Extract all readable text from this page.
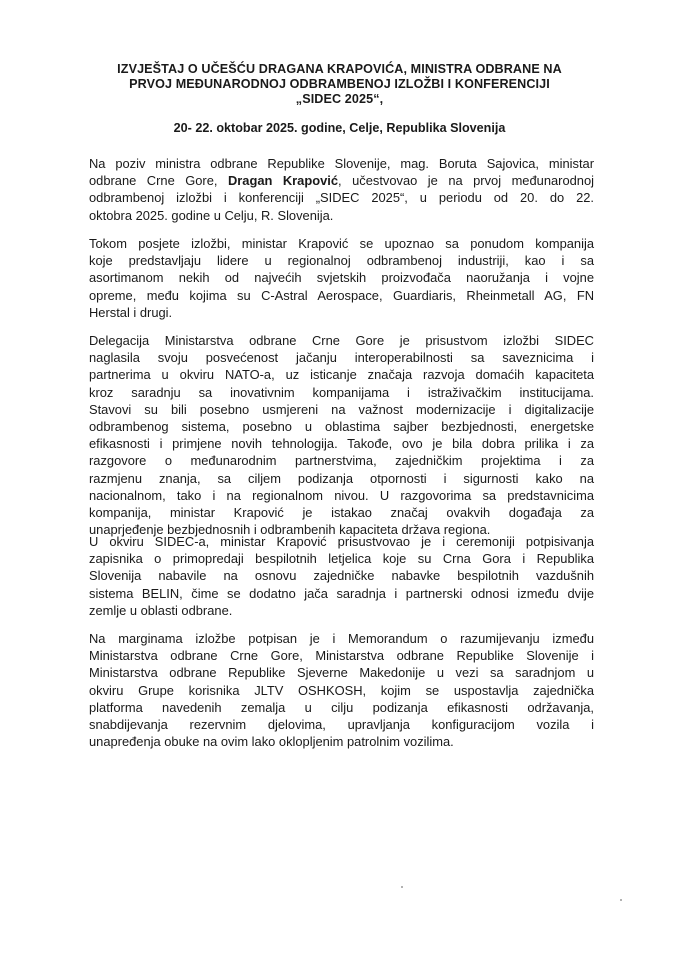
IZVJEŠTAJ O UČEŠĆU DRAGANA KRAPOVIĆA, MINISTRA ODBRANE NA
PRVOJ MEĐUNARODNOJ ODBRAMBENOJ IZLOŽBI I KONFERENCIJI
„SIDEC 2025“,
20- 22. oktobar 2025. godine, Celje, Republika Slovenija

Na poziv ministra odbrane Republike Slovenije, mag. Boruta Sajovica, ministar
odbrane Crne Gore, Dragan Krapović, učestvovao je na prvoj međunarodnoj
odbrambenoj izložbi i konferenciji „SIDEC 2025“, u periodu od 20. do 22.
oktobra 2025. godine u Celju, R. Slovenija.

Tokom posjete izložbi, ministar Krapović se upoznao sa ponudom kompanija
koje predstavljaju lidere u regionalnoj odbrambenoj industriji, kao i sa
asortimanom nekih od najvećih svjetskih proizvođača naoružanja i vojne
opreme, među kojima su C-Astral Aerospace, Guardiaris, Rheinmetall AG, FN
Herstal i drugi.

Delegacija Ministarstva odbrane Crne Gore je prisustvom izložbi SIDEC
naglasila svoju posvećenost jačanju interoperabilnosti sa saveznicima i
partnerima u okviru NATO-a, uz isticanje značaja razvoja domaćih kapaciteta
kroz saradnju sa inovativnim kompanijama i istraživačkim institucijama.
Stavovi su bili posebno usmjereni na važnost modernizacije i digitalizacije
odbrambenog sistema, posebno u oblastima sajber bezbjednosti, energetske
efikasnosti i primjene novih tehnologija. Takođe, ovo je bila dobra prilika i za
razgovore o međunarodnim partnerstvima, zajedničkim projektima i za
razmjenu znanja, sa ciljem podizanja otpornosti i sigurnosti kako na
nacionalnom, tako i na regionalnom nivou. U razgovorima sa predstavnicima
kompanija, ministar Krapović je istakao značaj ovakvih događaja za
unaprjeđenje bezbjednosnih i odbrambenih kapaciteta država regiona.

U okviru SIDEC-a, ministar Krapović prisustvovao je i ceremoniji potpisivanja
zapisnika o primopredaji bespilotnih letjelica koje su Crna Gora i Republika
Slovenija nabavile na osnovu zajedničke nabavke bespilotnih vazdušnih
sistema BELIN, čime se dodatno jača saradnja i partnerski odnosi između dvije
zemlje u oblasti odbrane.

Na marginama izložbe potpisan je i Memorandum o razumijevanju između
Ministarstva odbrane Crne Gore, Ministarstva odbrane Republike Slovenije i
Ministarstva odbrane Republike Sjeverne Makedonije u vezi sa saradnjom u
okviru Grupe korisnika JLTV OSHKOSH, kojim se uspostavlja zajednička
platforma navedenih zemalja u cilju podizanja efikasnosti održavanja,
snabdijevanja rezervnim djelovima, upravljanja konfiguracijom vozila i
unapređenja obuke na ovim lako oklopljenim patrolnim vozilima.
